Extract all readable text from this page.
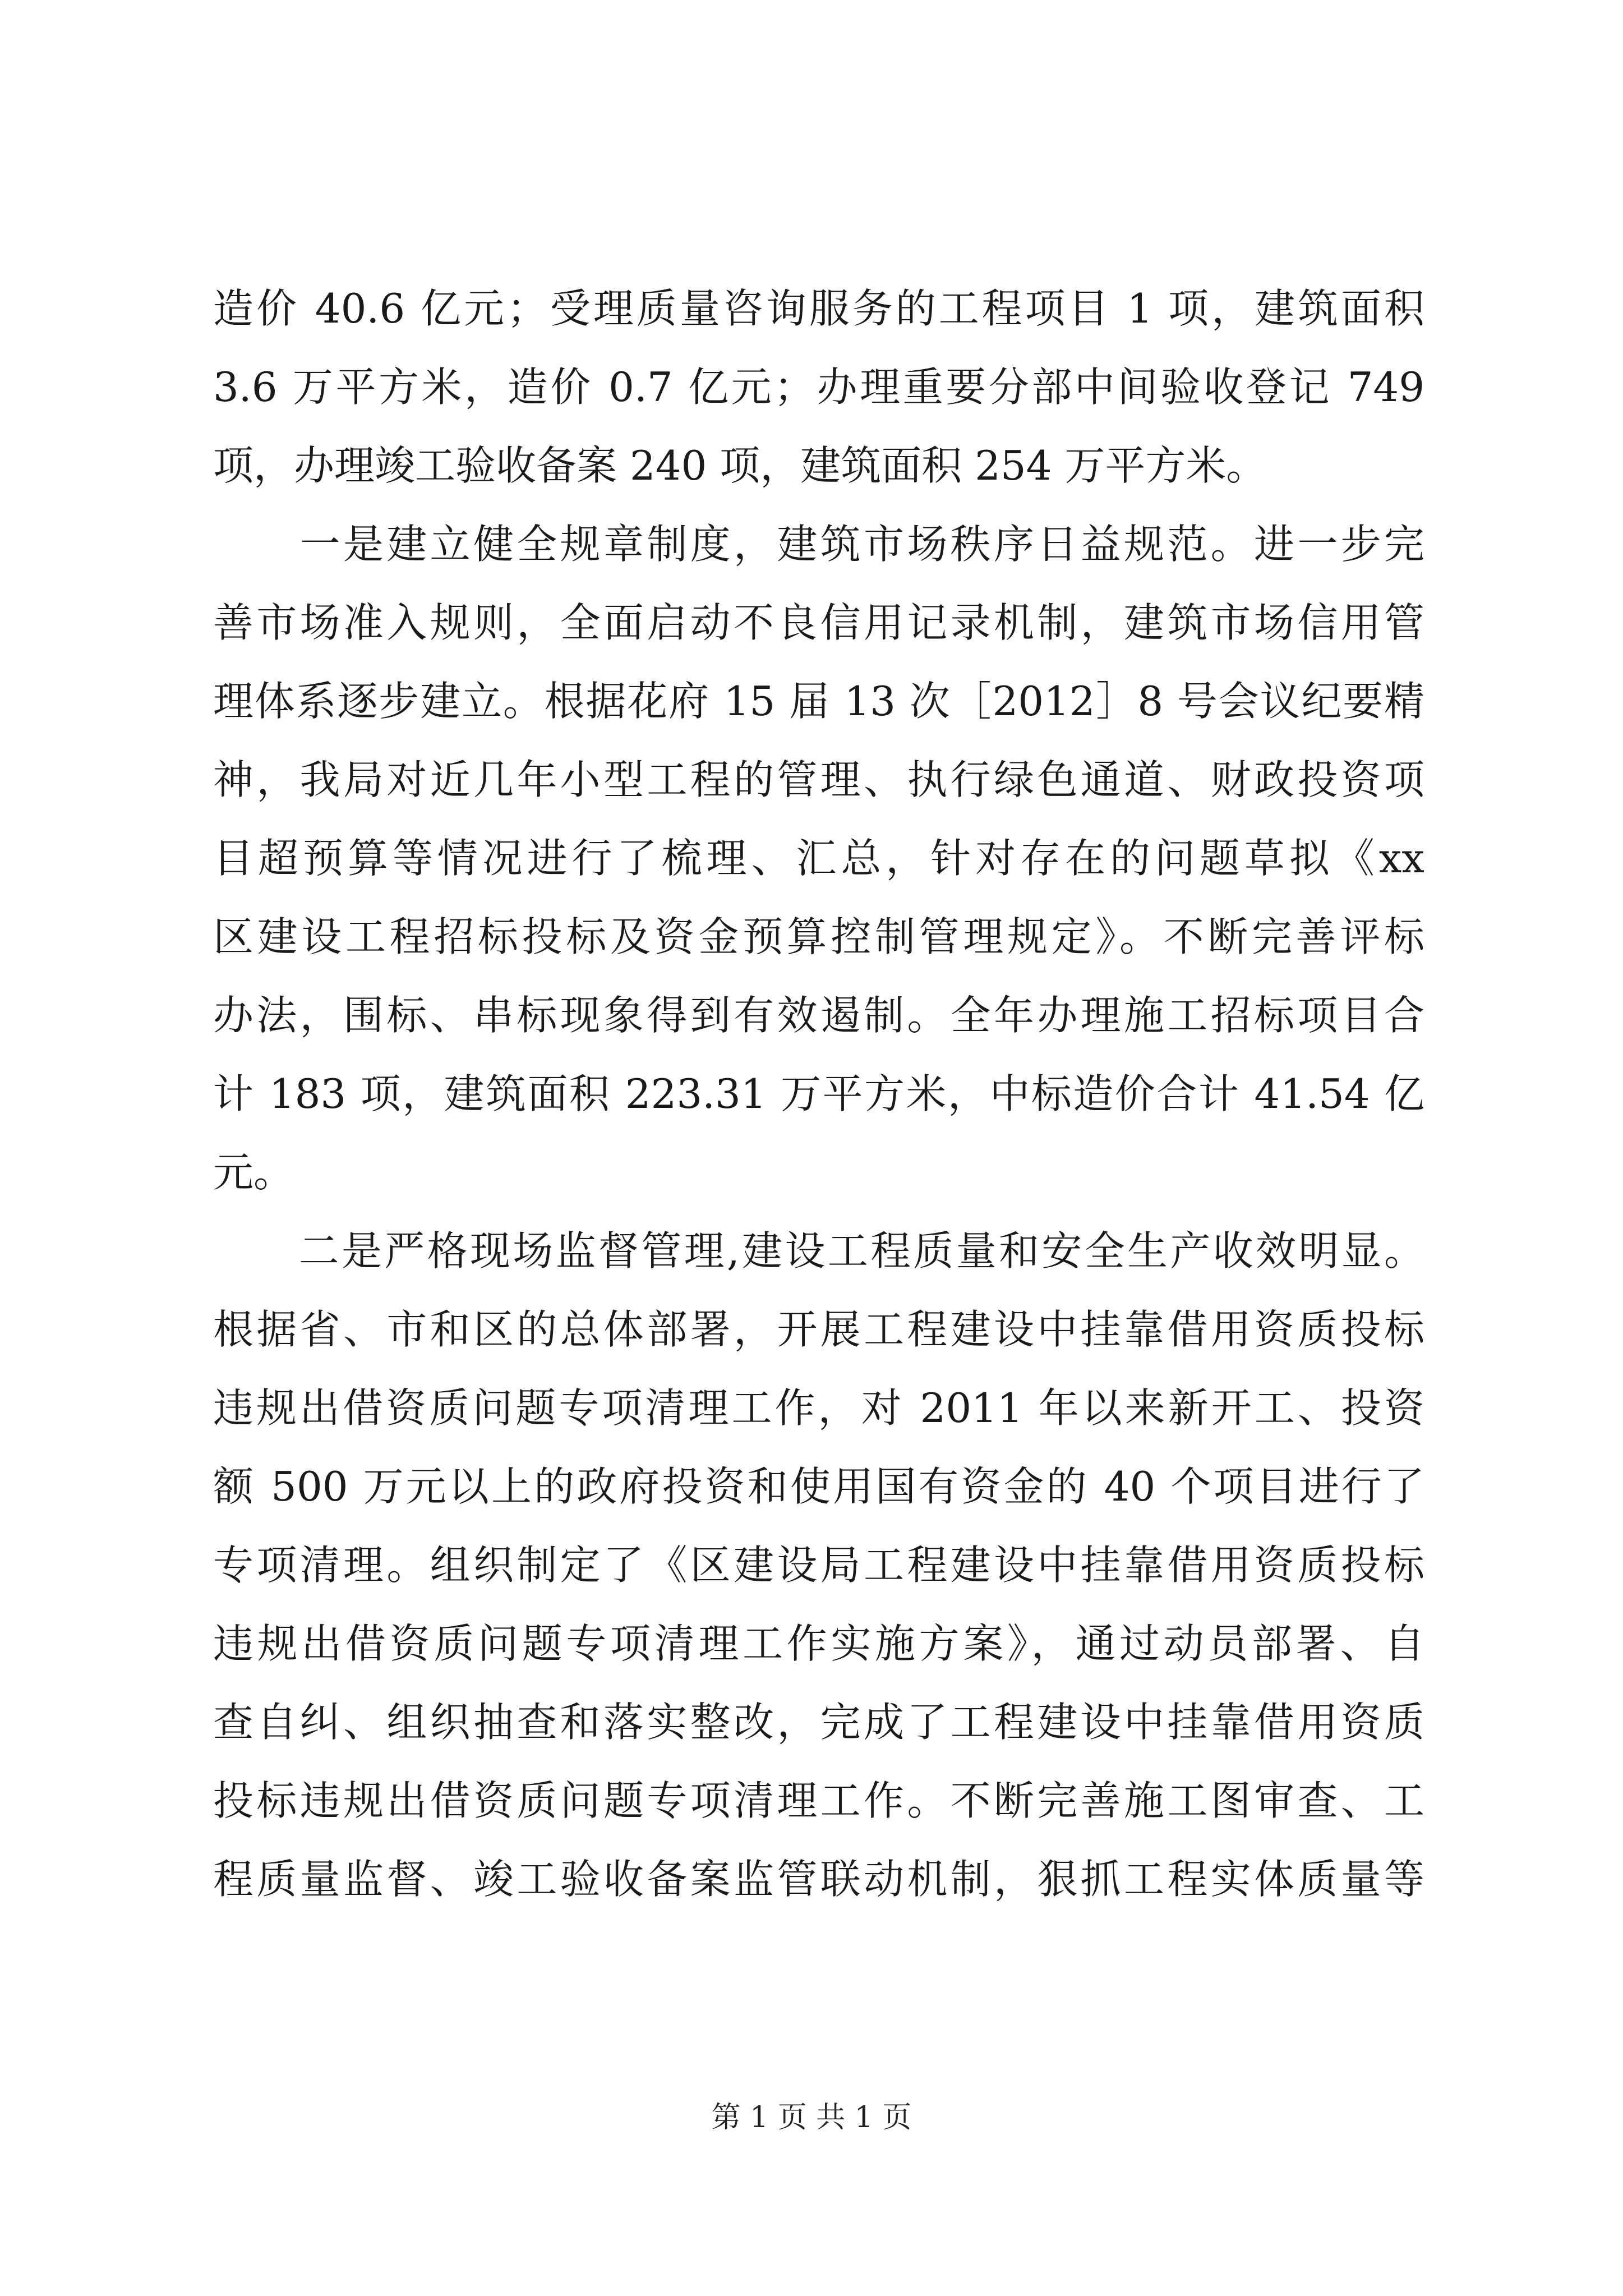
造价 40.6 亿元；受理质量咨询服务的工程项目 1 项，建筑面积
3.6 万平方米，造价 0.7 亿元；办理重要分部中间验收登记 749
项，办理竣工验收备案 240 项，建筑面积 254 万平方米。
　　一是建立健全规章制度，建筑市场秩序日益规范。进一步完
善市场准入规则，全面启动不良信用记录机制，建筑市场信用管
理体系逐步建立。根据花府 15 届 13 次［2012］8 号会议纪要精
神，我局对近几年小型工程的管理、执行绿色通道、财政投资项
目超预算等情况进行了梳理、汇总，针对存在的问题草拟《xx
区建设工程招标投标及资金预算控制管理规定》。不断完善评标
办法，围标、串标现象得到有效遏制。全年办理施工招标项目合
计 183 项，建筑面积 223.31 万平方米，中标造价合计 41.54 亿
元。
　　二是严格现场监督管理,建设工程质量和安全生产收效明显。
根据省、市和区的总体部署，开展工程建设中挂靠借用资质投标
违规出借资质问题专项清理工作，对 2011 年以来新开工、投资
额 500 万元以上的政府投资和使用国有资金的 40 个项目进行了
专项清理。组织制定了《区建设局工程建设中挂靠借用资质投标
违规出借资质问题专项清理工作实施方案》，通过动员部署、自
查自纠、组织抽查和落实整改，完成了工程建设中挂靠借用资质
投标违规出借资质问题专项清理工作。不断完善施工图审查、工
程质量监督、竣工验收备案监管联动机制，狠抓工程实体质量等
第 1 页 共 1 页
